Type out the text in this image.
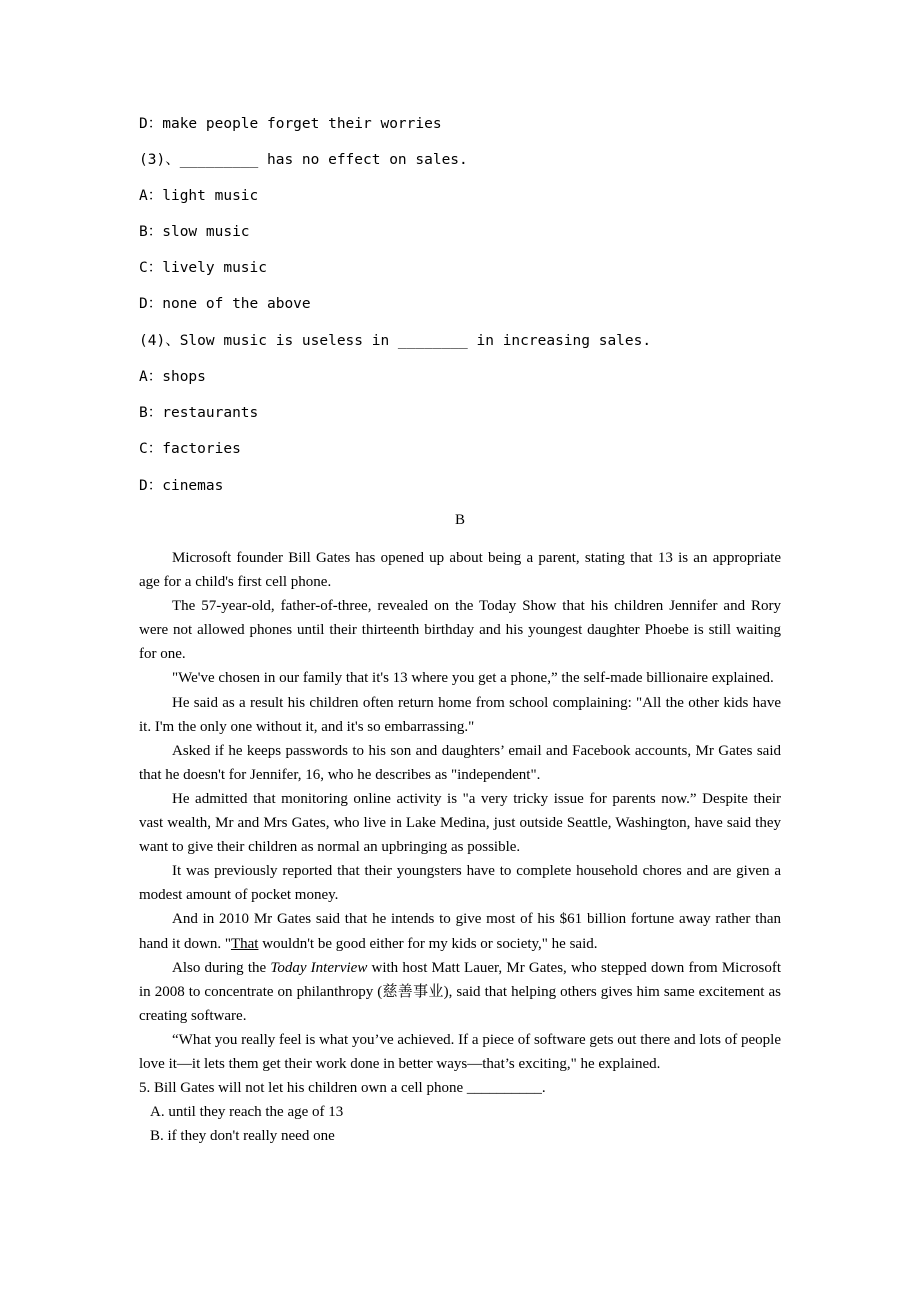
D：make people forget their worries
(3)、_________ has no effect on sales.
A：light music
B：slow music
C：lively music
D：none of the above
(4)、Slow music is useless in ________ in increasing sales.
A：shops
B：restaurants
C：factories
D：cinemas
B

Microsoft founder Bill Gates has opened up about being a parent, stating that 13 is an appropriate age for a child's first cell phone.

The 57-year-old, father-of-three, revealed on the Today Show that his children Jennifer and Rory were not allowed phones until their thirteenth birthday and his youngest daughter Phoebe is still waiting for one.

"We've chosen in our family that it's 13 where you get a phone,” the self-made billionaire explained.

He said as a result his children often return home from school complaining: "All the other kids have it. I'm the only one without it, and it's so embarrassing."

Asked if he keeps passwords to his son and daughters’ email and Facebook accounts, Mr Gates said that he doesn't for Jennifer, 16, who he describes as "independent".

He admitted that monitoring online activity is "a very tricky issue for parents now.” Despite their vast wealth, Mr and Mrs Gates, who live in Lake Medina, just outside Seattle, Washington, have said they want to give their children as normal an upbringing as possible.

It was previously reported that their youngsters have to complete household chores and are given a modest amount of pocket money.

And in 2010 Mr Gates said that he intends to give most of his $61 billion fortune away rather than hand it down. "That wouldn't be good either for my kids or society," he said.

Also during the Today Interview with host Matt Lauer, Mr Gates, who stepped down from Microsoft in 2008 to concentrate on philanthropy (慈善事业), said that helping others gives him same excitement as creating software.

“What you really feel is what you’ve achieved. If a piece of software gets out there and lots of people love it—it lets them get their work done in better ways—that’s exciting," he explained.

5. Bill Gates will not let his children own a cell phone __________.

A. until they reach the age of 13

B. if they don't really need one
